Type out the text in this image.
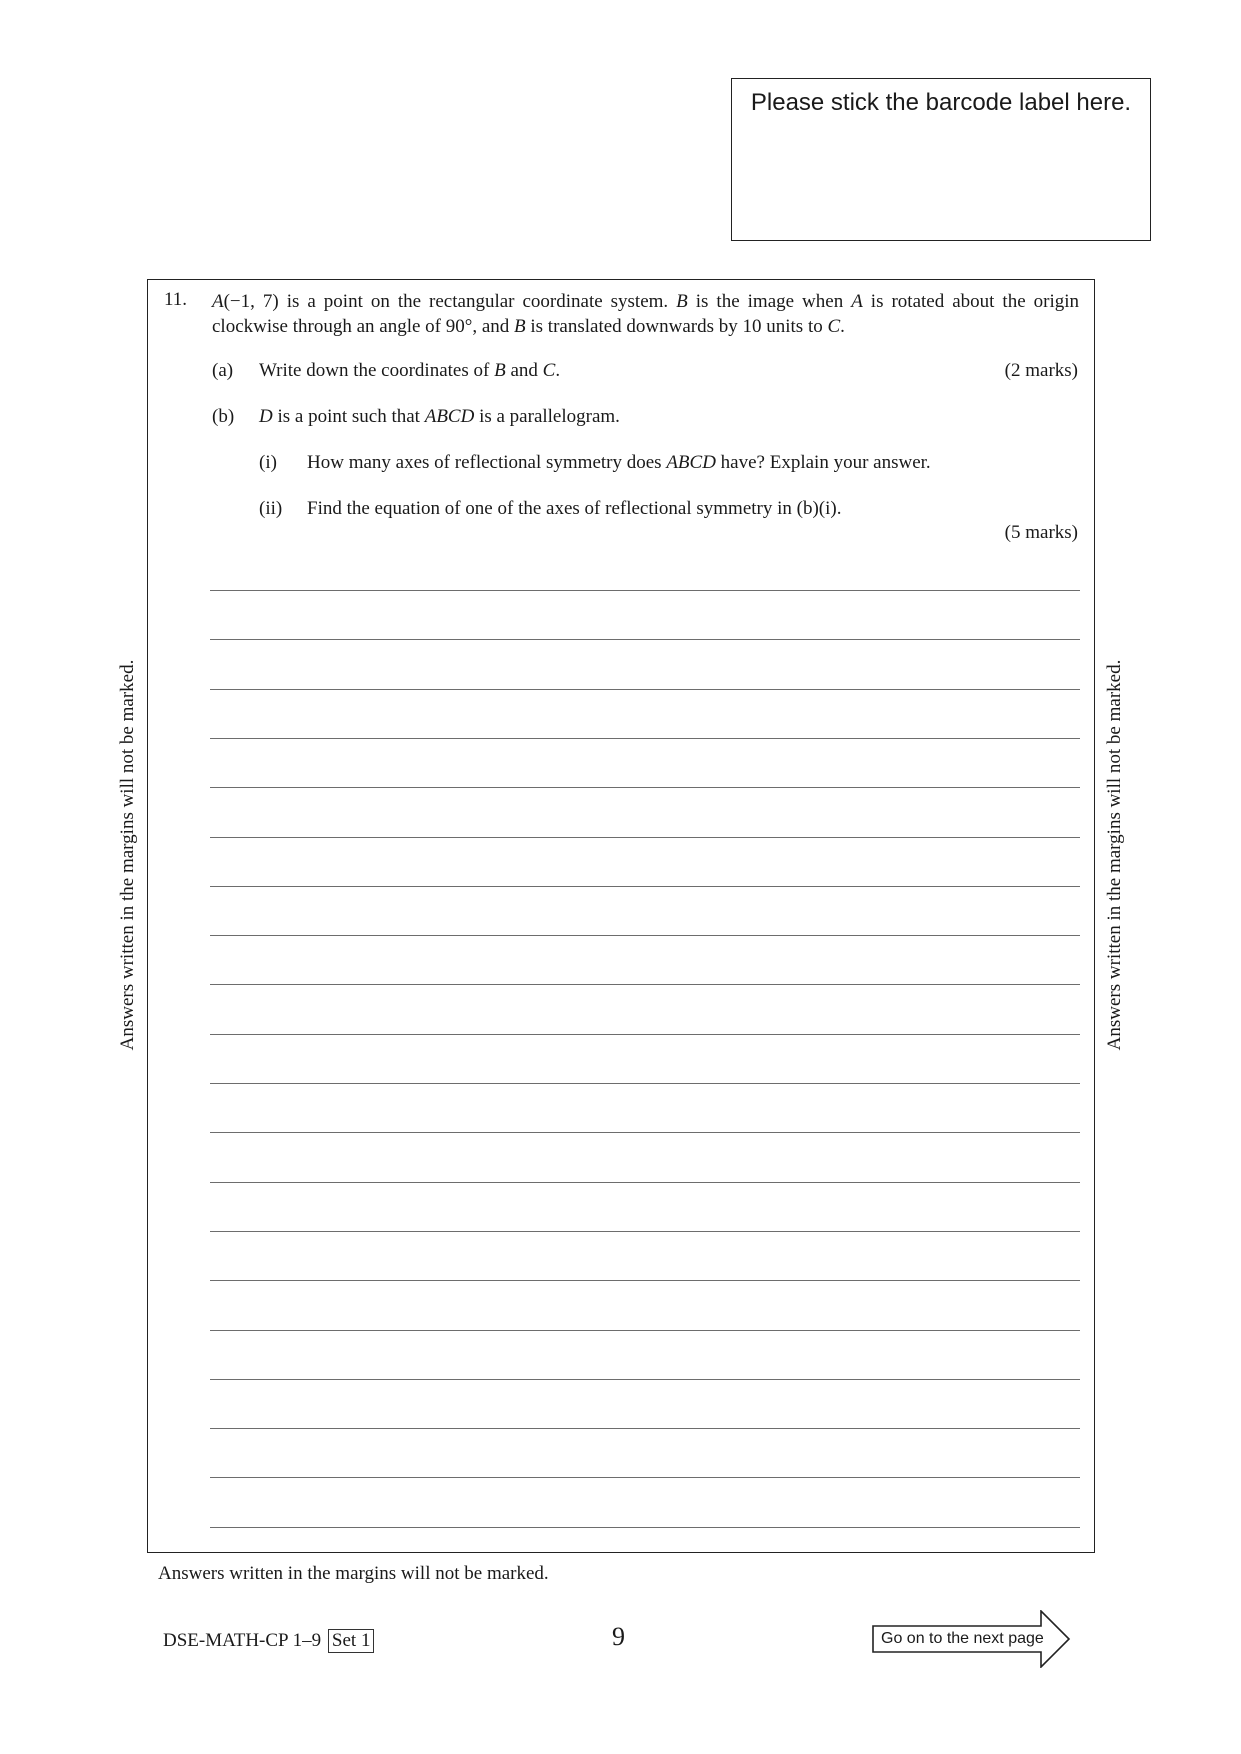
Please stick the barcode label here.
11. A(−1, 7) is a point on the rectangular coordinate system. B is the image when A is rotated about the origin clockwise through an angle of 90°, and B is translated downwards by 10 units to C.
(a) Write down the coordinates of B and C.	(2 marks)
(b) D is a point such that ABCD is a parallelogram.
(i) How many axes of reflectional symmetry does ABCD have? Explain your answer.
(ii) Find the equation of one of the axes of reflectional symmetry in (b)(i).
(5 marks)
Answers written in the margins will not be marked.	Answers written in the margins will not be marked.
Answers written in the margins will not be marked.
DSE-MATH-CP 1–9 Set 1	9	Go on to the next page
